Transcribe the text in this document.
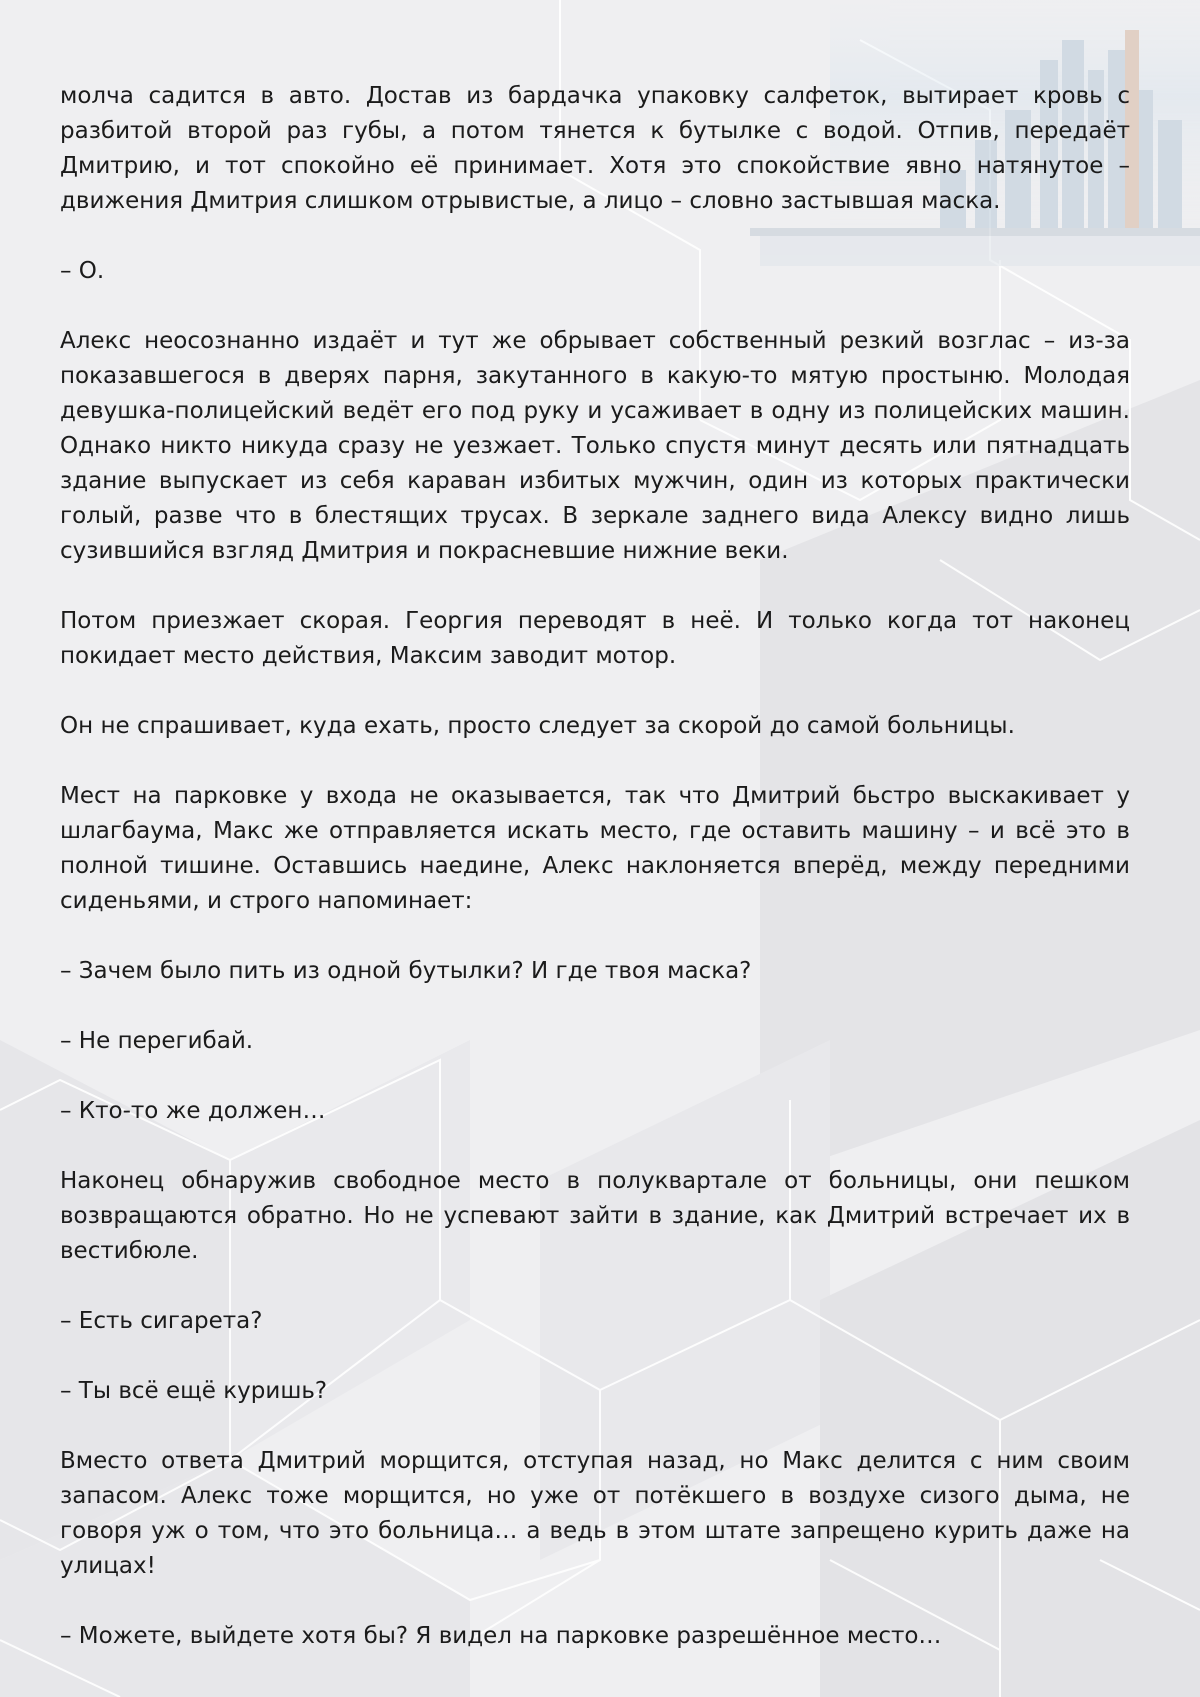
молча садится в авто. Достав из бардачка упаковку салфеток, вытирает кровь с разбитой второй раз губы, а потом тянется к бутылке с водой. Отпив, передаёт Дмитрию, и тот спокойно её принимает. Хотя это спокойствие явно натянутое – движения Дмитрия слишком отрывистые, а лицо – словно застывшая маска.

– О.

Алекс неосознанно издаёт и тут же обрывает собственный резкий возглас – из-за показавшегося в дверях парня, закутанного в какую-то мятую простыню. Молодая девушка-полицейский ведёт его под руку и усаживает в одну из полицейских машин. Однако никто никуда сразу не уезжает. Только спустя минут десять или пятнадцать здание выпускает из себя караван избитых мужчин, один из которых практически голый, разве что в блестящих трусах. В зеркале заднего вида Алексу видно лишь сузившийся взгляд Дмитрия и покрасневшие нижние веки.

Потом приезжает скорая. Георгия переводят в неё. И только когда тот наконец покидает место действия, Максим заводит мотор.

Он не спрашивает, куда ехать, просто следует за скорой до самой больницы.

Мест на парковке у входа не оказывается, так что Дмитрий бьстро выскакивает у шлагбаума, Макс же отправляется искать место, где оставить машину – и всё это в полной тишине. Оставшись наедине, Алекс наклоняется вперёд, между передними сиденьями, и строго напоминает:

– Зачем было пить из одной бутылки? И где твоя маска?

– Не перегибай.

– Кто-то же должен…

Наконец обнаружив свободное место в полуквартале от больницы, они пешком возвращаются обратно. Но не успевают зайти в здание, как Дмитрий встречает их в вестибюле.

– Есть сигарета?

– Ты всё ещё куришь?

Вместо ответа Дмитрий морщится, отступая назад, но Макс делится с ним своим запасом. Алекс тоже морщится, но уже от потёкшего в воздухе сизого дыма, не говоря уж о том, что это больница… а ведь в этом штате запрещено курить даже на улицах!

– Можете, выйдете хотя бы? Я видел на парковке разрешённое место…
